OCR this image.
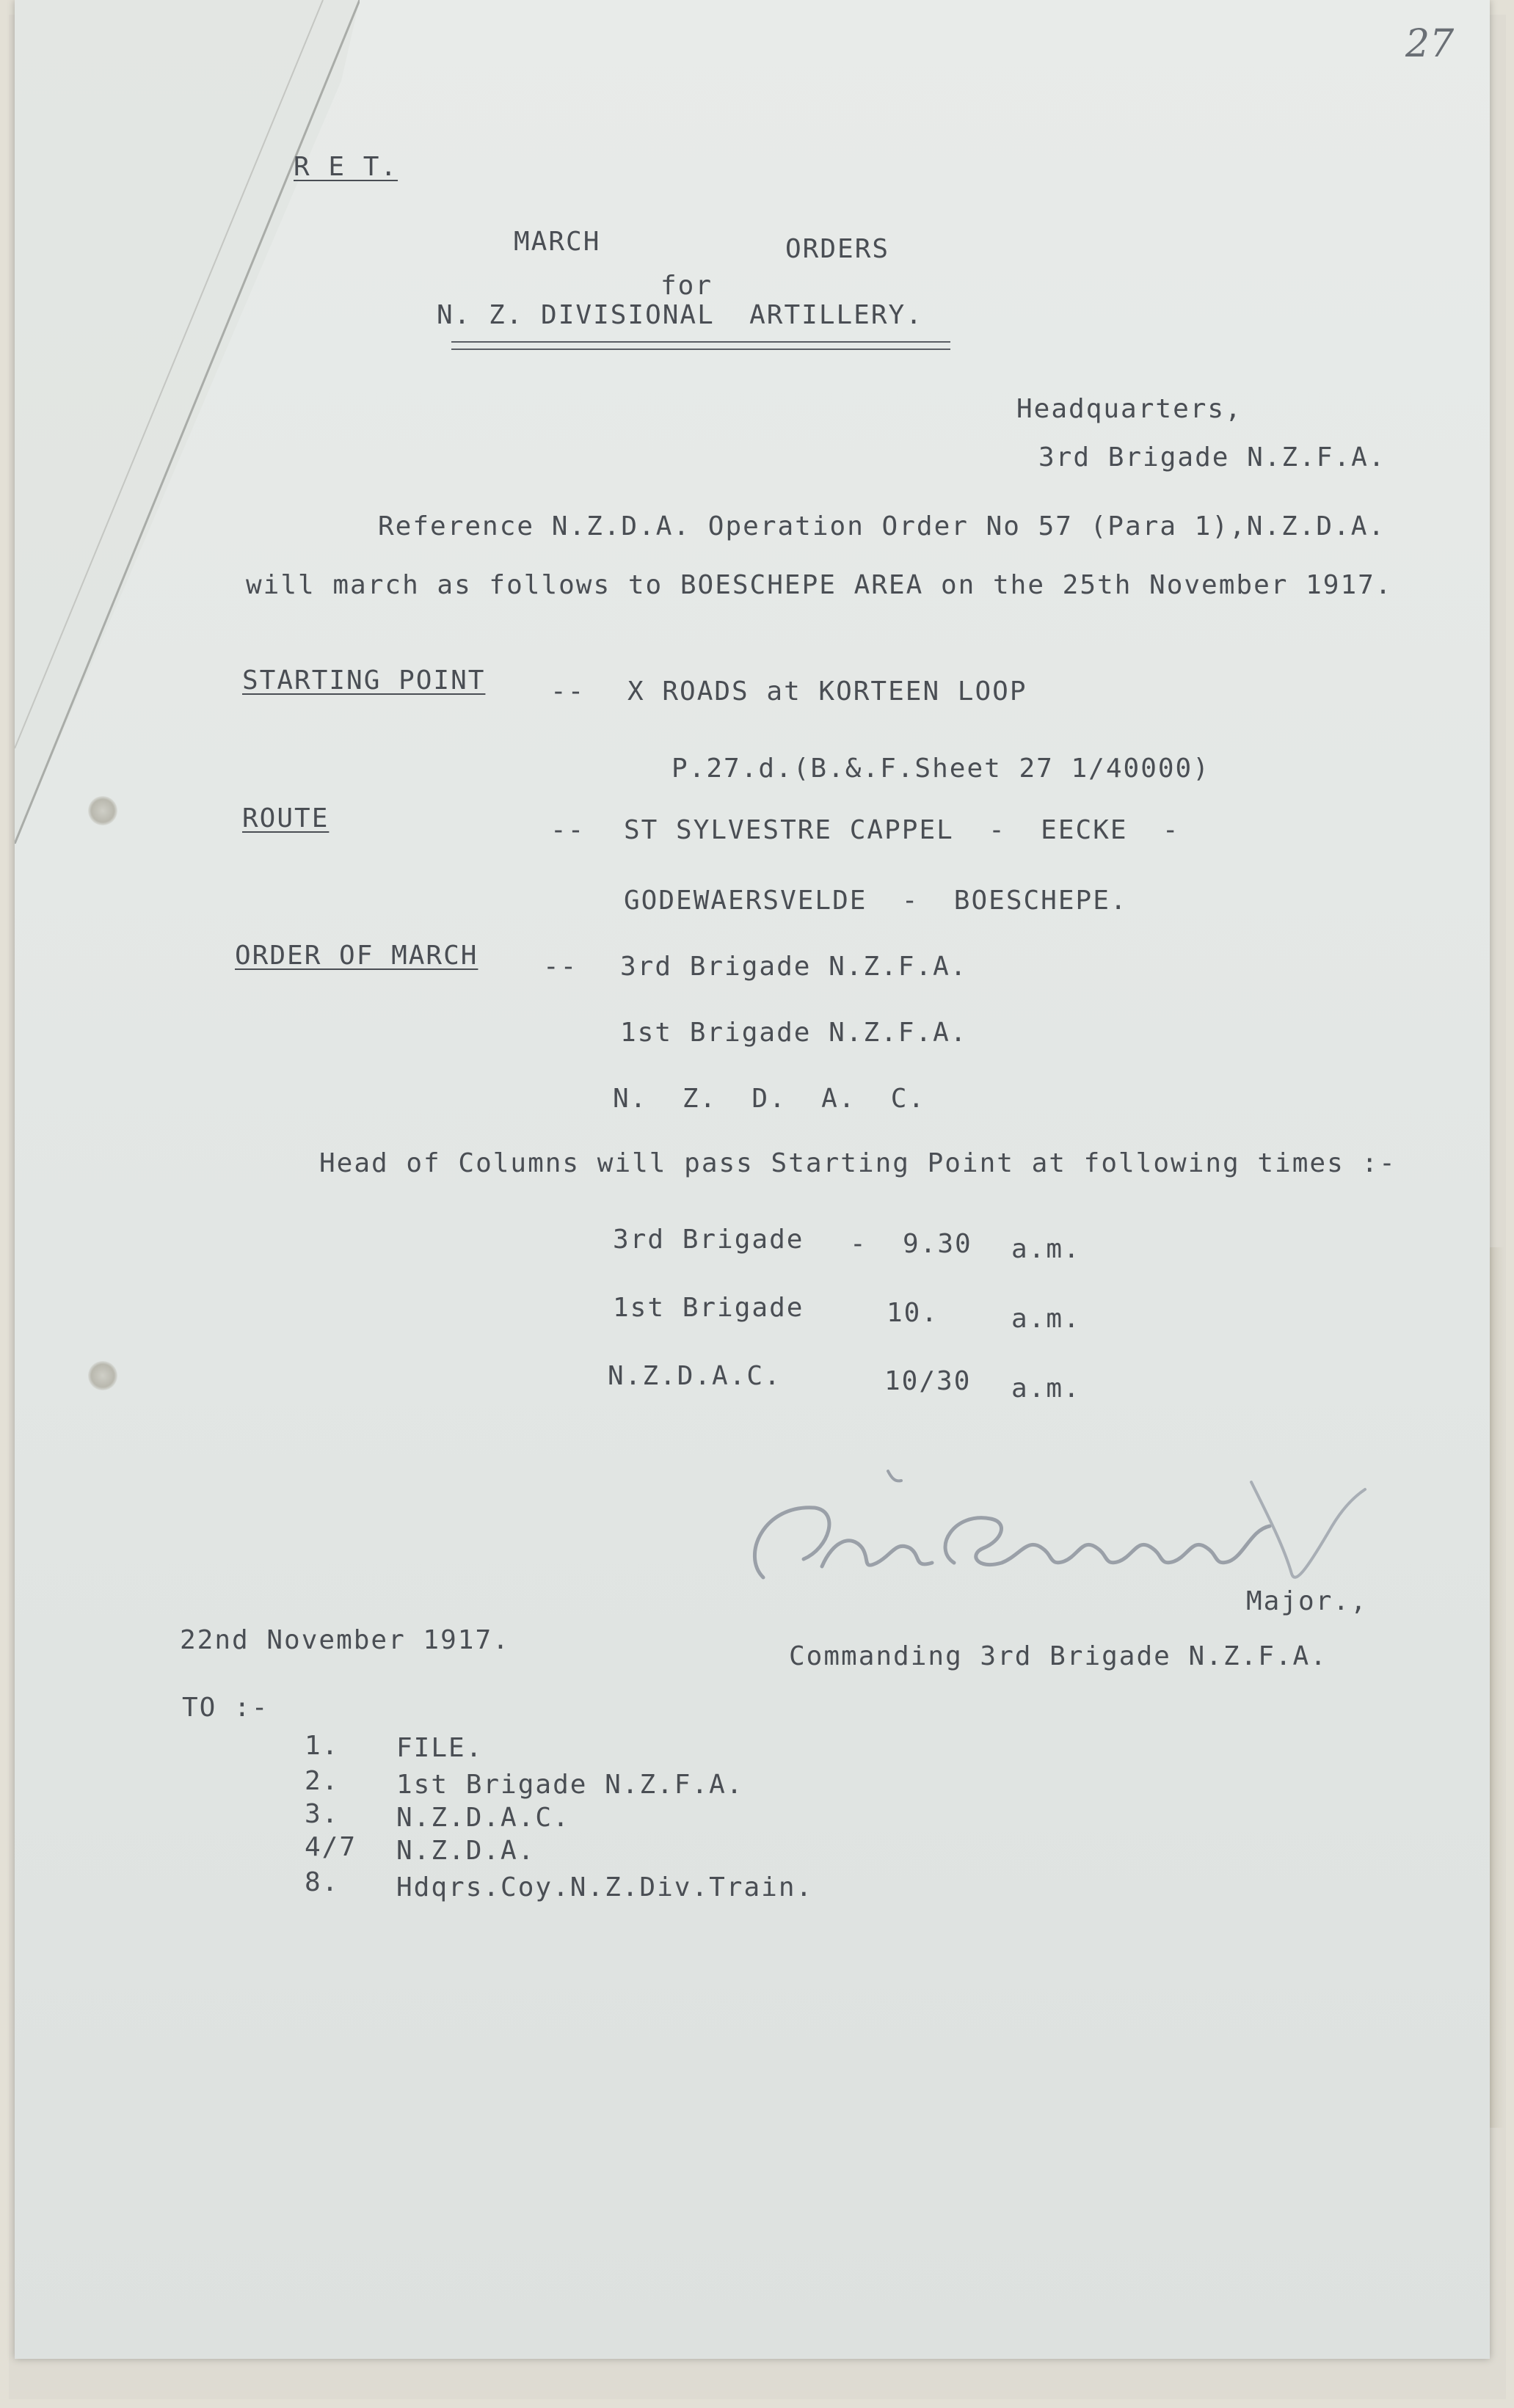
27
R E T.
MARCH	ORDERS
for
N. Z. DIVISIONAL  ARTILLERY.
Headquarters,
3rd Brigade N.Z.F.A.
Reference N.Z.D.A. Operation Order No 57 (Para 1),N.Z.D.A.
will march as follows to BOESCHEPE AREA on the 25th November 1917.
STARTING POINT -- X ROADS at KORTEEN LOOP
P.27.d.(B.&.F.Sheet 27 1/40000)
ROUTE	-- ST SYLVESTRE CAPPEL  -  EECKE  -
GODEWAERSVELDE  -  BOESCHEPE.
ORDER OF MARCH -- 3rd Brigade N.Z.F.A.
1st Brigade N.Z.F.A.
N.  Z.  D.  A.  C.
Head of Columns will pass Starting Point at following times :-
3rd Brigade - 9.30 a.m.
1st Brigade	10.	a.m.
N.Z.D.A.C.	10/30 a.m.
Major.,
22nd November 1917.
Commanding 3rd Brigade N.Z.F.A.
TO :-
1. FILE.
2. 1st Brigade N.Z.F.A.
3. N.Z.D.A.C.
4/7 N.Z.D.A.
8. Hdqrs.Coy.N.Z.Div.Train.
